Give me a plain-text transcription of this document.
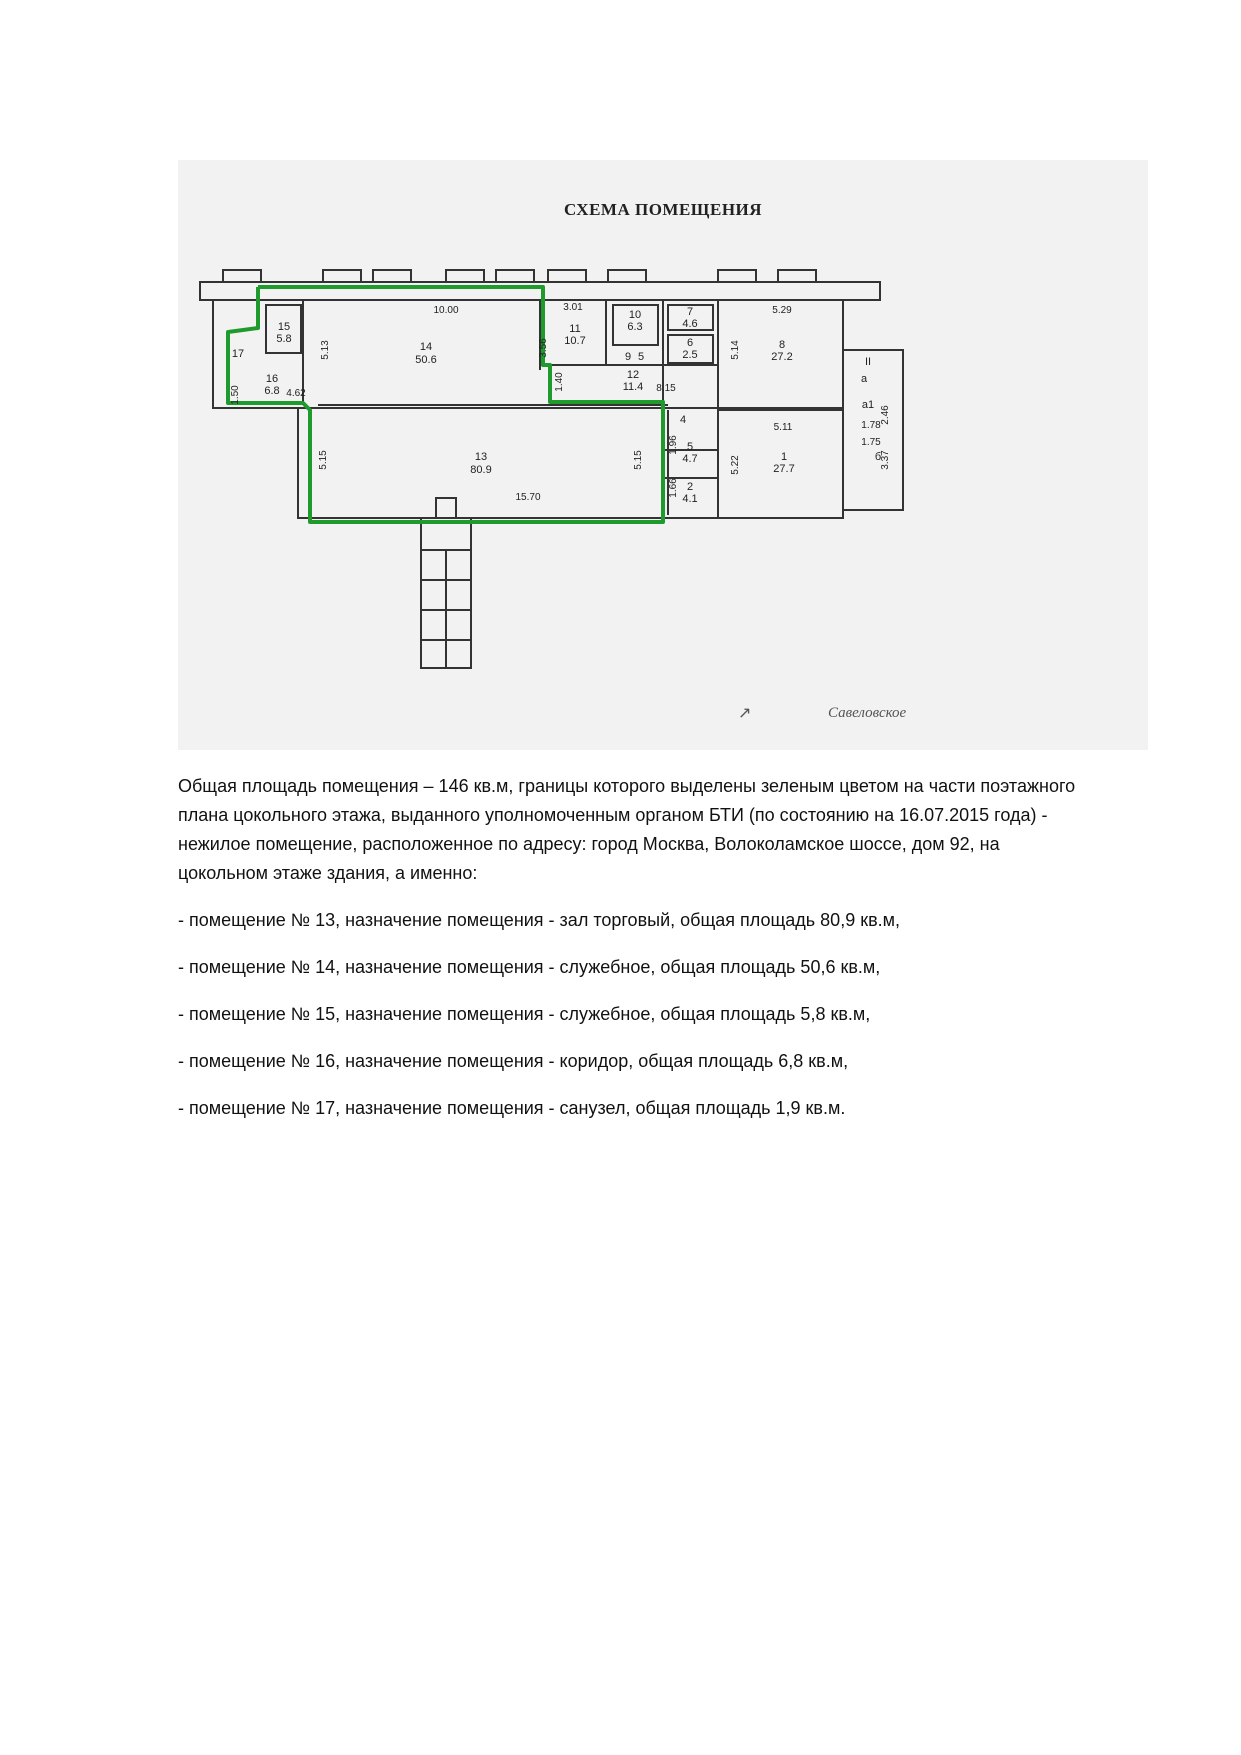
СХЕМА ПОМЕЩЕНИЯ
↗	Савеловское
14
50.6
13
80.9
15
5.8
16
6.8
17
11
10.7
10
6.3
7
4.6
6
2.5
9 5
12
11.4
8
27.2
4
5
4.7
2
4.1
1
27.7
a
a1
б
II
10.00
5.13
5.15	5.15
15.70
4.62
1.50
3.01
3.56
1.40	8.15
5.29
5.14
5.11
5.22
1.96
1.66
1.78
1.75
2.46
3.37

Общая площадь помещения – 146 кв.м, границы которого выделены зеленым цветом на части поэтажного плана цокольного этажа, выданного уполномоченным органом БТИ (по состоянию на 16.07.2015 года) - нежилое помещение, расположенное по адресу: город Москва, Волоколамское шоссе, дом 92, на цокольном этаже здания, а именно:

- помещение № 13, назначение помещения - зал торговый, общая площадь 80,9 кв.м,

- помещение № 14, назначение помещения - служебное, общая площадь 50,6 кв.м,

- помещение № 15, назначение помещения - служебное, общая площадь 5,8 кв.м,

- помещение № 16, назначение помещения - коридор, общая площадь 6,8 кв.м,

- помещение № 17, назначение помещения - санузел, общая площадь 1,9 кв.м.
